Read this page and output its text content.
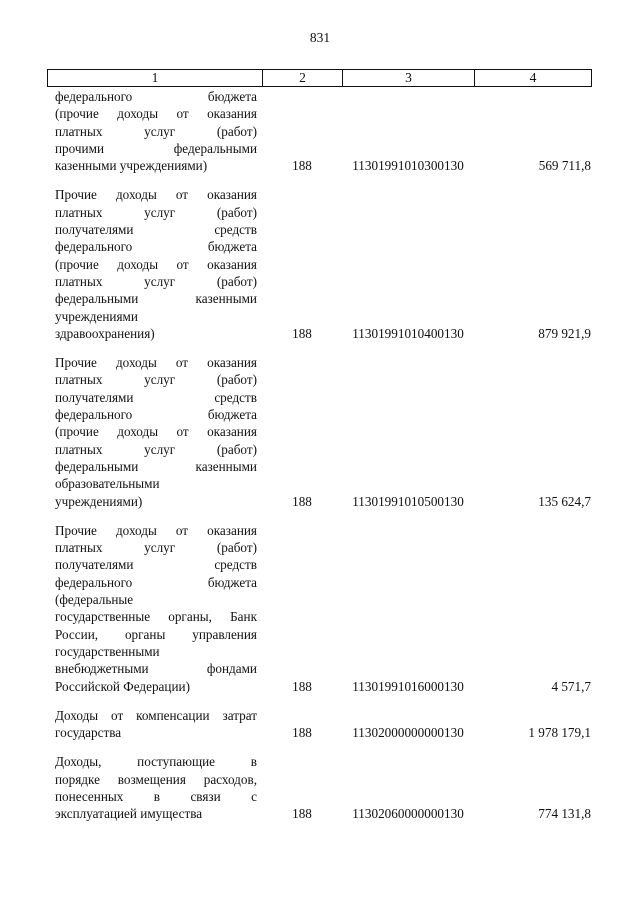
831
1	2	3	4
федерального бюджета
(прочие доходы от оказания
платных услуг (работ)
прочими федеральными
казенными учреждениями)	188	11301991010300130	569 711,8
Прочие доходы от оказания
платных услуг (работ)
получателями средств
федерального бюджета
(прочие доходы от оказания
платных услуг (работ)
федеральными казенными
учреждениями
здравоохранения)	188	11301991010400130	879 921,9
Прочие доходы от оказания
платных услуг (работ)
получателями средств
федерального бюджета
(прочие доходы от оказания
платных услуг (работ)
федеральными казенными
образовательными
учреждениями)	188	11301991010500130	135 624,7
Прочие доходы от оказания
платных услуг (работ)
получателями средств
федерального бюджета
(федеральные
государственные органы, Банк
России, органы управления
государственными
внебюджетными фондами
Российской Федерации)	188	11301991016000130	4 571,7
Доходы от компенсации затрат
государства	188	11302000000000130	1 978 179,1
Доходы, поступающие в
порядке возмещения расходов,
понесенных в связи с
эксплуатацией имущества	188	11302060000000130	774 131,8
